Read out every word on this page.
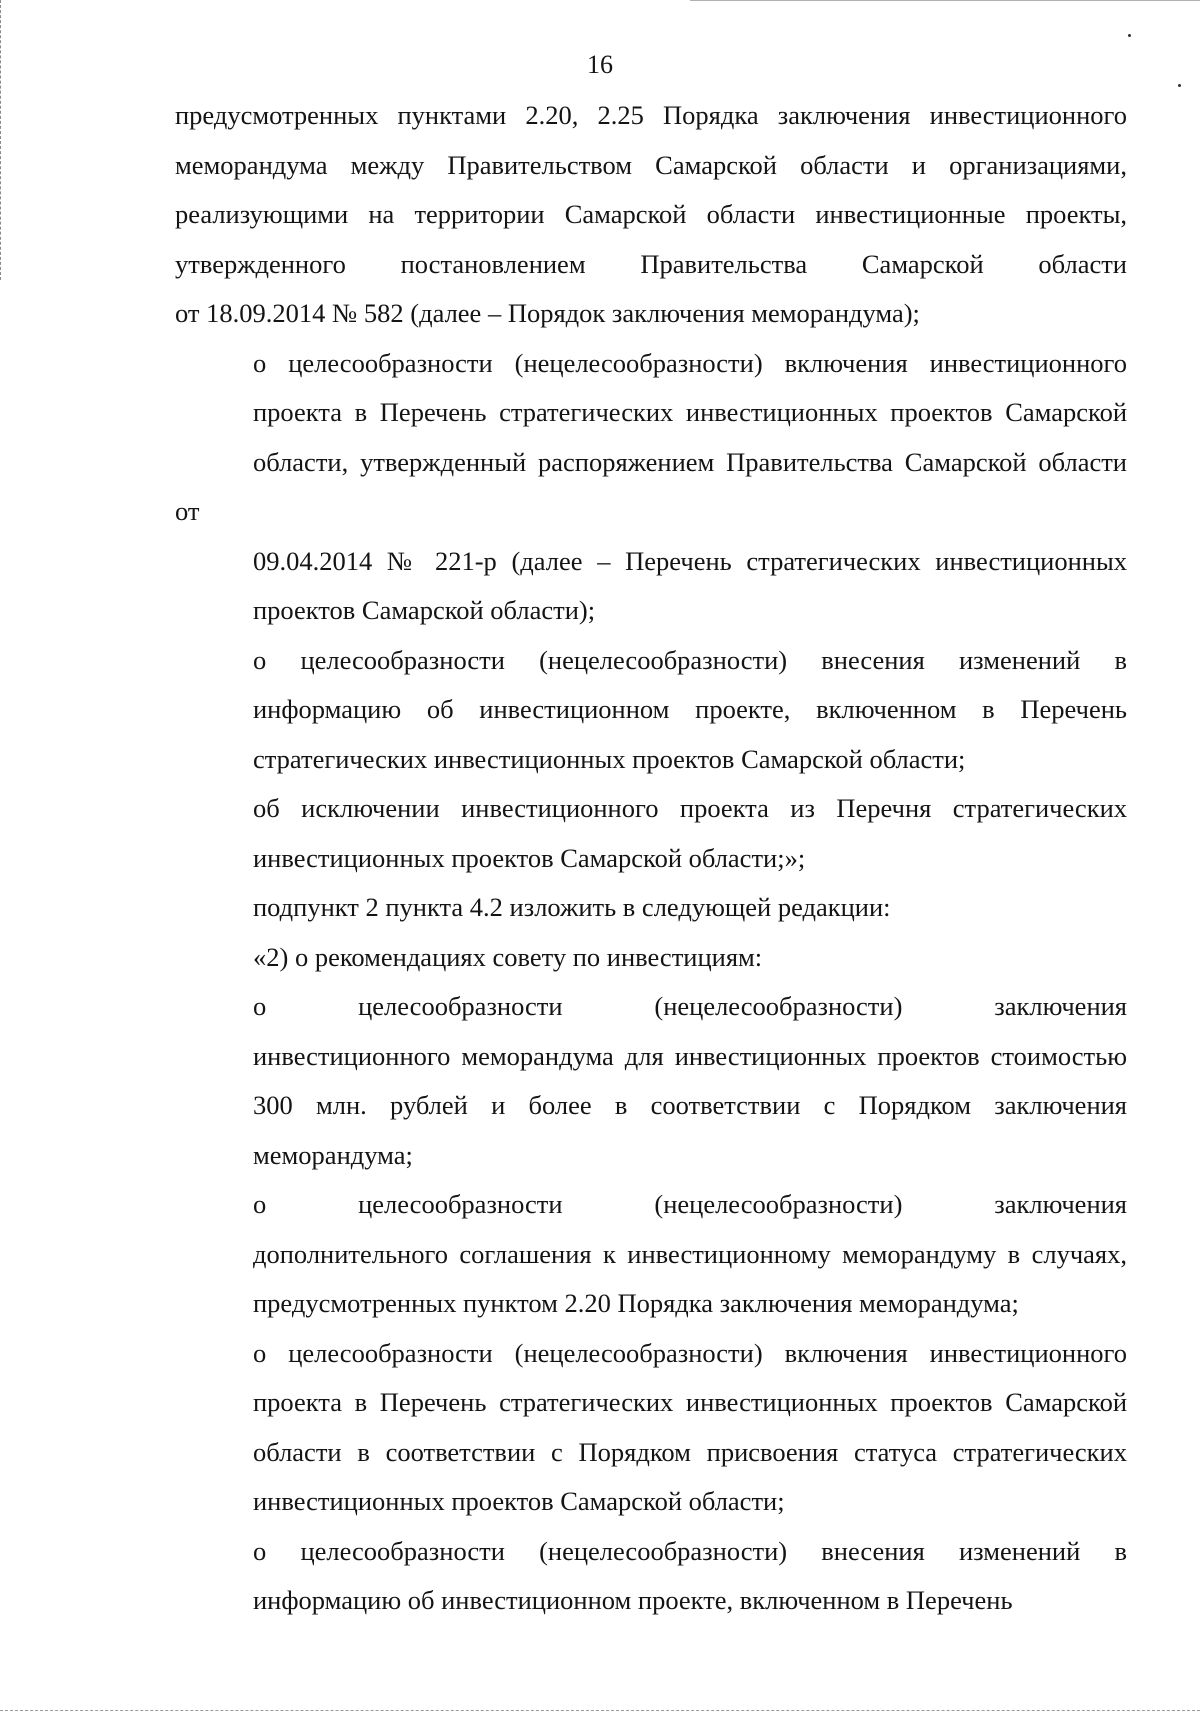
16
предусмотренных пунктами 2.20, 2.25 Порядка заключения инвестиционного
меморандума между Правительством Самарской области и организациями,
реализующими на территории Самарской области инвестиционные проекты,
утвержденного постановлением Правительства Самарской области
от 18.09.2014 № 582 (далее – Порядок заключения меморандума);
о целесообразности (нецелесообразности) включения инвестиционного
проекта в Перечень стратегических инвестиционных проектов Самарской
области, утвержденный распоряжением Правительства Самарской области от
09.04.2014 № 221-р (далее – Перечень стратегических инвестиционных
проектов Самарской области);
о целесообразности (нецелесообразности) внесения изменений в
информацию об инвестиционном проекте, включенном в Перечень
стратегических инвестиционных проектов Самарской области;
об исключении инвестиционного проекта из Перечня стратегических
инвестиционных проектов Самарской области;»;
подпункт 2 пункта 4.2 изложить в следующей редакции:
«2) о рекомендациях совету по инвестициям:
о целесообразности (нецелесообразности) заключения
инвестиционного меморандума для инвестиционных проектов стоимостью
300 млн. рублей и более в соответствии с Порядком заключения
меморандума;
о целесообразности (нецелесообразности) заключения
дополнительного соглашения к инвестиционному меморандуму в случаях,
предусмотренных пунктом 2.20 Порядка заключения меморандума;
о целесообразности (нецелесообразности) включения инвестиционного
проекта в Перечень стратегических инвестиционных проектов Самарской
области в соответствии с Порядком присвоения статуса стратегических
инвестиционных проектов Самарской области;
о целесообразности (нецелесообразности) внесения изменений в
информацию об инвестиционном проекте, включенном в Перечень
